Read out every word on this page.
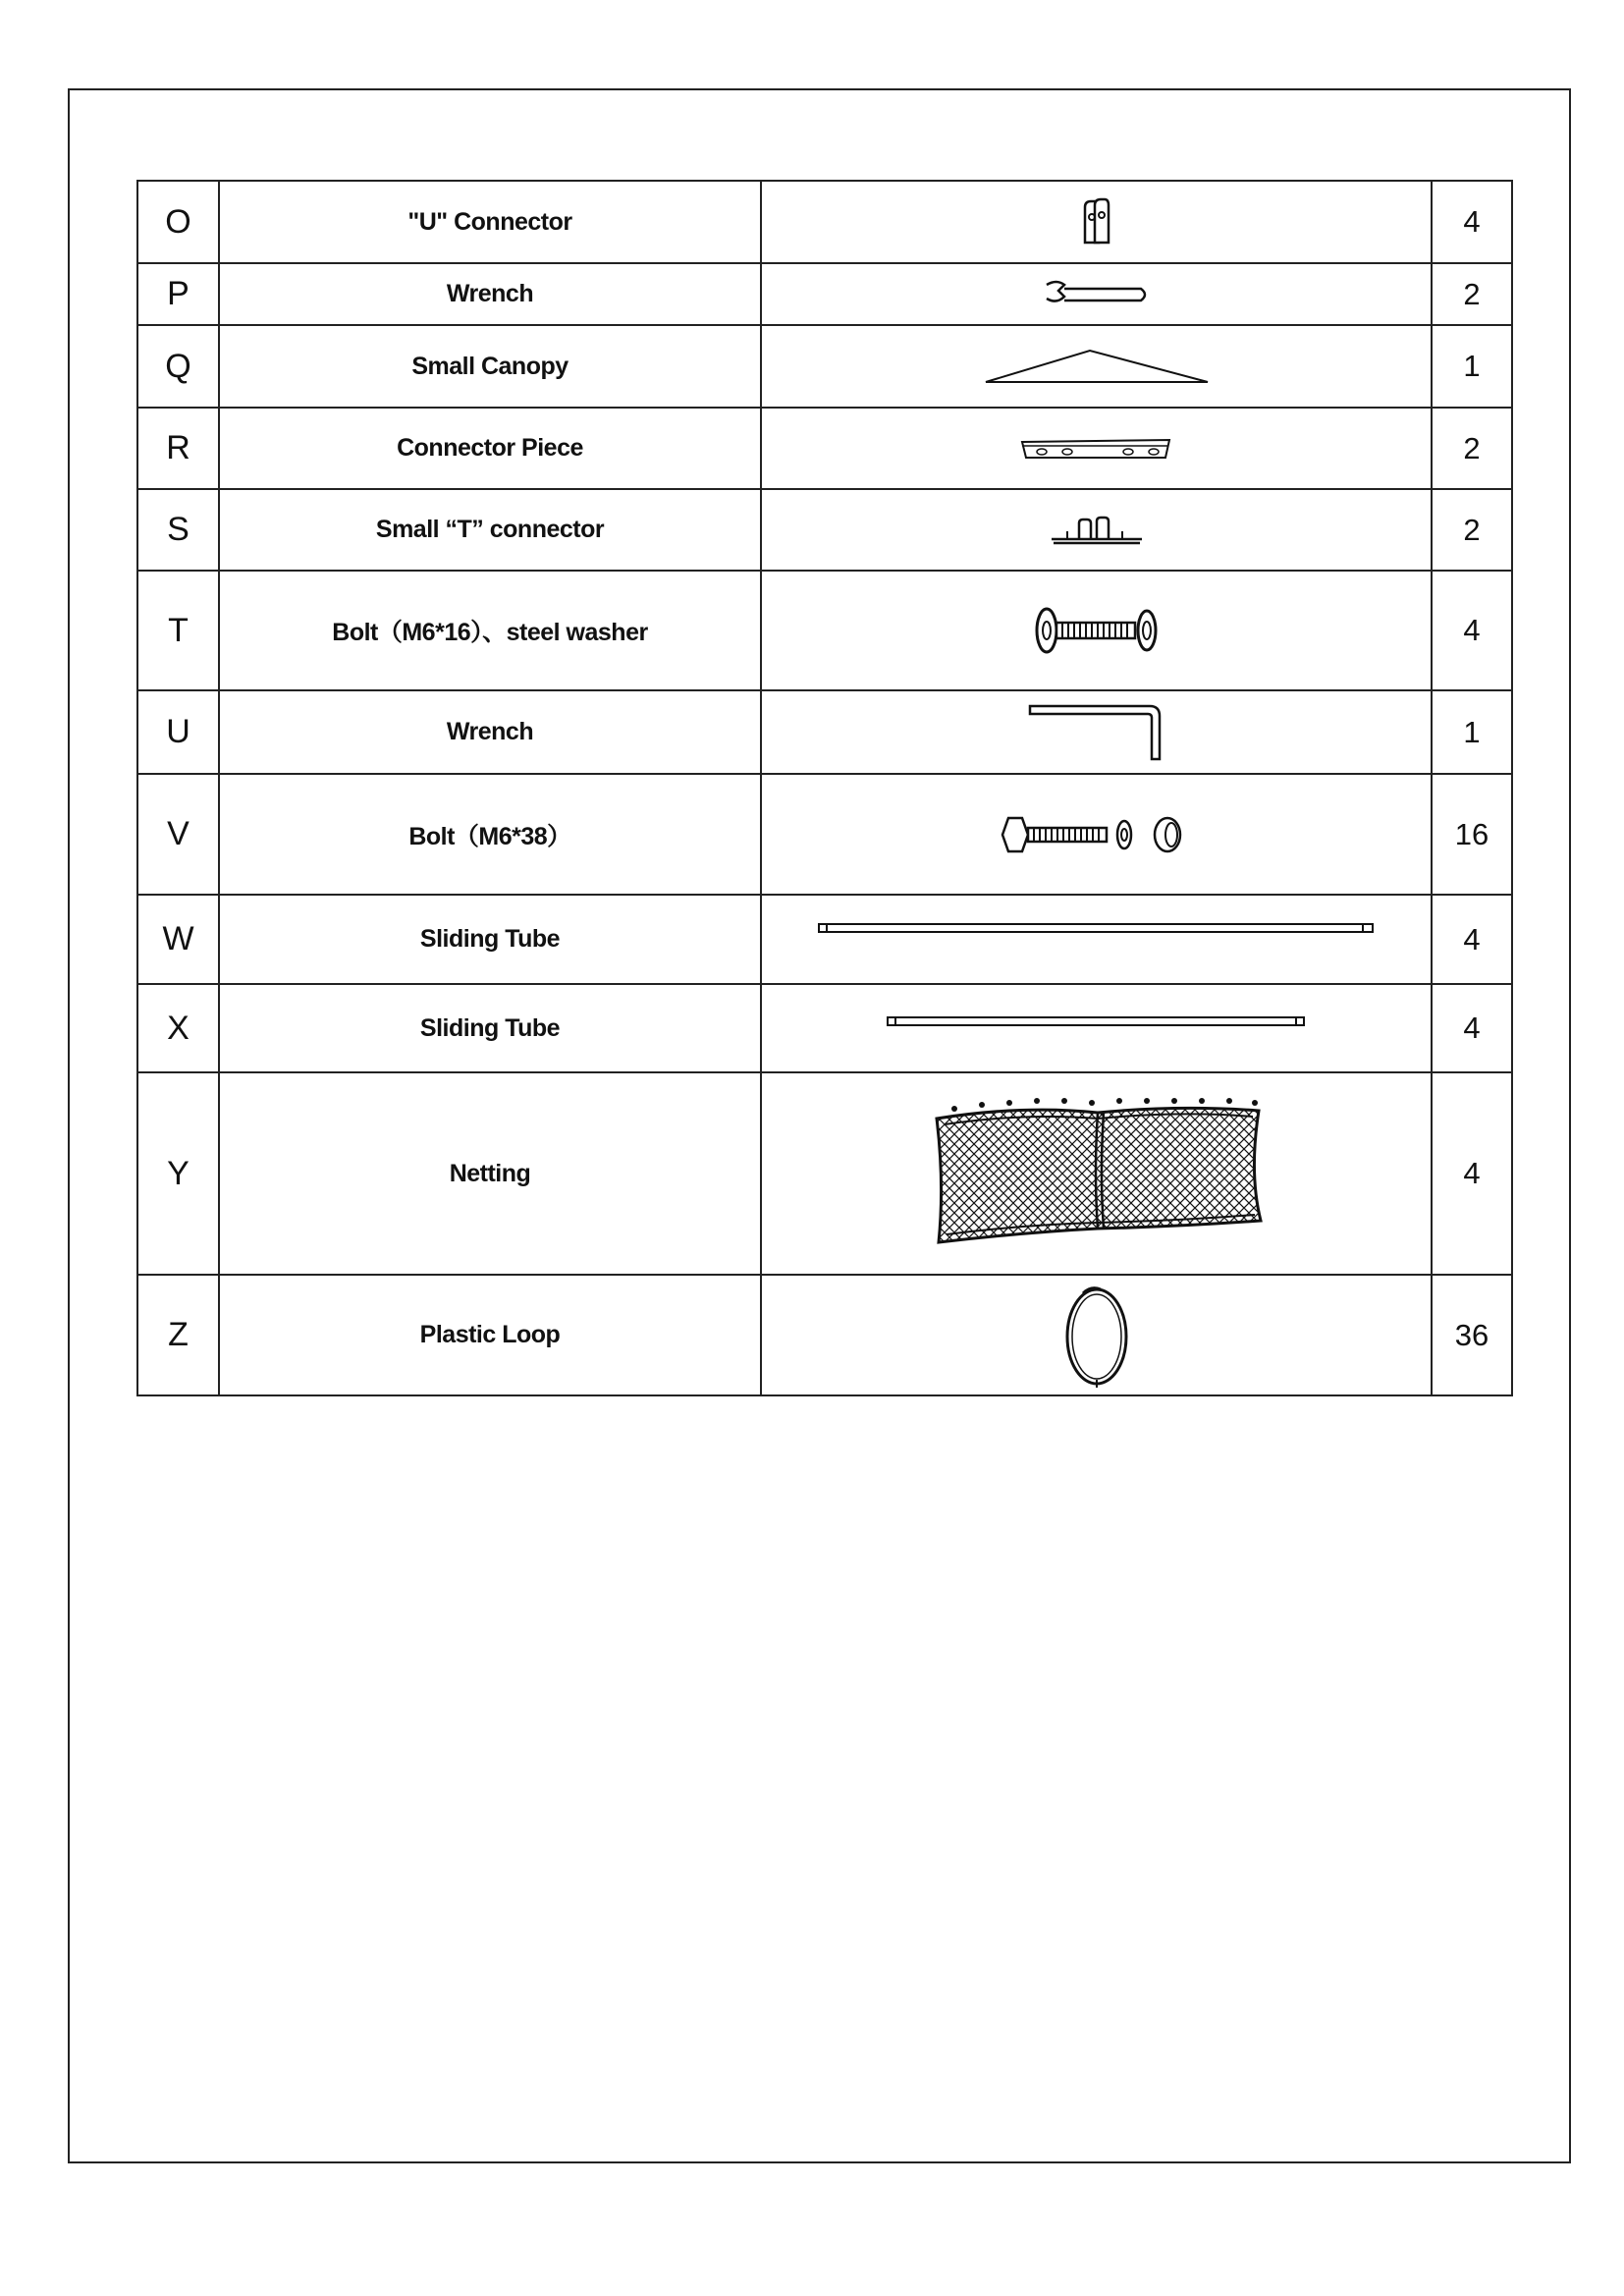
O	"U" Connector		4
P	Wrench		2
Q	Small Canopy		1
R	Connector Piece		2
S	Small “T” connector		2
T	Bolt（M6*16）、steel washer		4
U	Wrench		1
V	Bolt（M6*38）		16
W	Sliding Tube		4
X	Sliding Tube		4
Y	Netting		4
Z	Plastic Loop		36
